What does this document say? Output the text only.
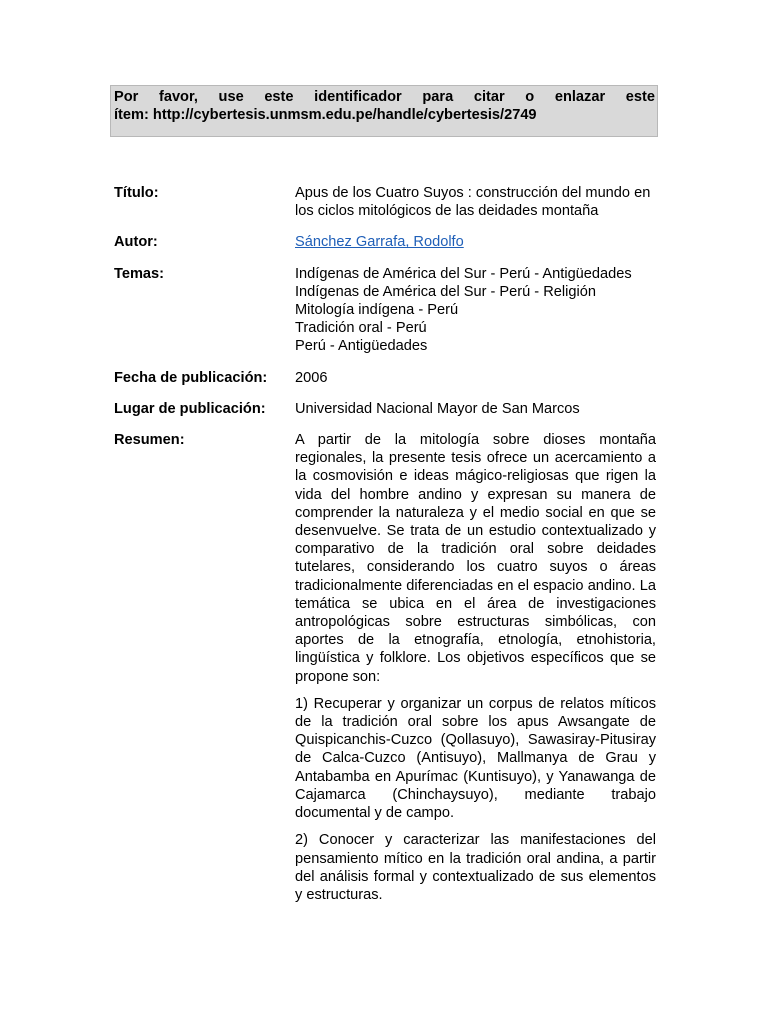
Por favor, use este identificador para citar o enlazar este
ítem: http://cybertesis.unmsm.edu.pe/handle/cybertesis/2749
Título:	Apus de los Cuatro Suyos : construcción del mundo en los ciclos mitológicos de las deidades montaña
Autor:	Sánchez Garrafa, Rodolfo
Temas:	Indígenas de América del Sur - Perú - Antigüedades
Indígenas de América del Sur - Perú - Religión
Mitología indígena - Perú
Tradición oral - Perú
Perú - Antigüedades
Fecha de publicación:	2006
Lugar de publicación:	Universidad Nacional Mayor de San Marcos
Resumen:	A partir de la mitología sobre dioses montaña regionales, la presente tesis ofrece un acercamiento a la cosmovisión e ideas mágico-religiosas que rigen la vida del hombre andino y expresan su manera de comprender la naturaleza y el medio social en que se desenvuelve. Se trata de un estudio contextualizado y comparativo de la tradición oral sobre deidades tutelares, considerando los cuatro suyos o áreas tradicionalmente diferenciadas en el espacio andino. La temática se ubica en el área de investigaciones antropológicas sobre estructuras simbólicas, con aportes de la etnografía, etnología, etnohistoria, lingüística y folklore. Los objetivos específicos que se propone son:

1) Recuperar y organizar un corpus de relatos míticos de la tradición oral sobre los apus Awsangate de Quispicanchis-Cuzco (Qollasuyo), Sawasiray-Pitusiray de Calca-Cuzco (Antisuyo), Mallmanya de Grau y Antabamba en Apurímac (Kuntisuyo), y Yanawanga de Cajamarca (Chinchaysuyo), mediante trabajo documental y de campo.

2) Conocer y caracterizar las manifestaciones del pensamiento mítico en la tradición oral andina, a partir del análisis formal y contextualizado de sus elementos y estructuras.
